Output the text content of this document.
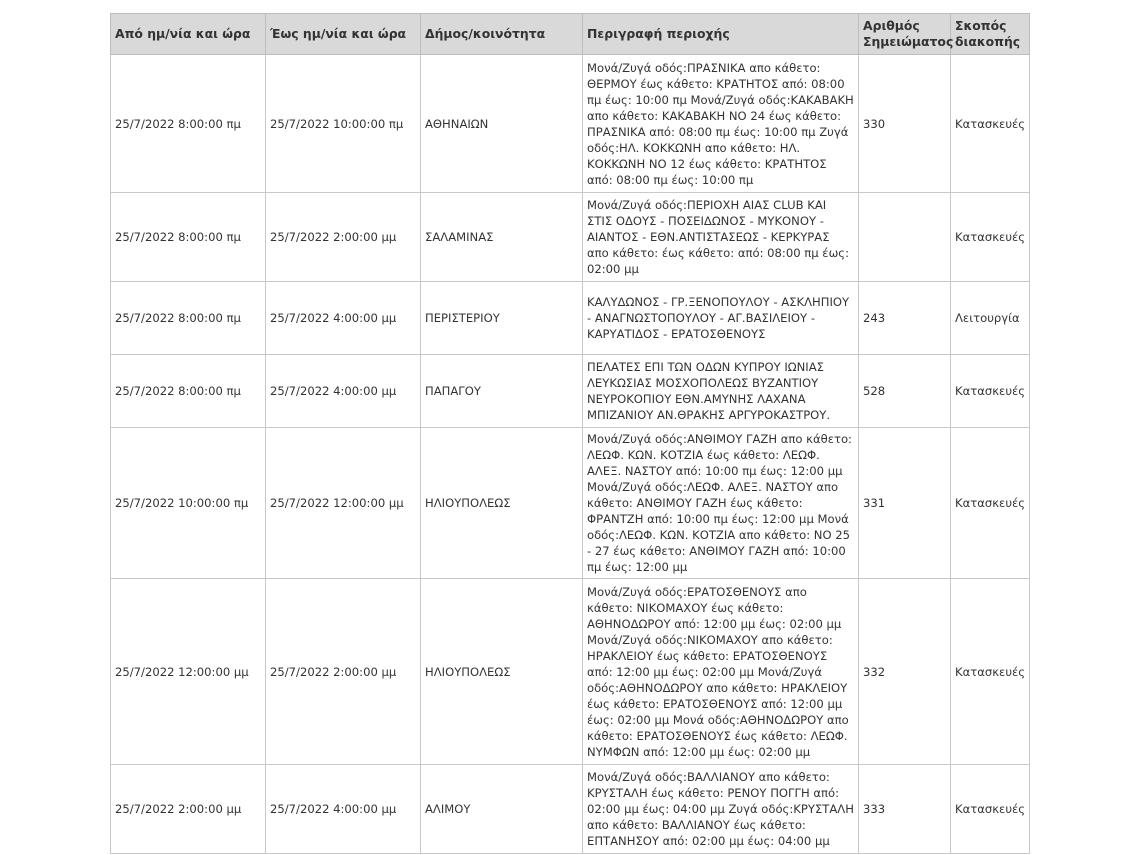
Από ημ/νία και ώρα	Έως ημ/νία και ώρα	Δήμος/κοινότητα	Περιγραφή περιοχής	Αριθμός Σημειώματος	Σκοπός διακοπής
25/7/2022 8:00:00 πμ	25/7/2022 10:00:00 πμ	ΑΘΗΝΑΙΩΝ	Μονά/Ζυγά οδός:ΠΡΑΣΝΙΚΑ απο κάθετο: ΘΕΡΜΟΥ έως κάθετο: ΚΡΑΤΗΤΟΣ από: 08:00 πμ έως: 10:00 πμ Μονά/Ζυγά οδός:ΚΑΚΑΒΑΚΗ απο κάθετο: ΚΑΚΑΒΑΚΗ ΝΟ 24 έως κάθετο: ΠΡΑΣΝΙΚΑ από: 08:00 πμ έως: 10:00 πμ Ζυγά οδός:ΗΛ. ΚΟΚΚΩΝΗ απο κάθετο: ΗΛ. ΚΟΚΚΩΝΗ ΝΟ 12 έως κάθετο: ΚΡΑΤΗΤΟΣ από: 08:00 πμ έως: 10:00 πμ	330	Κατασκευές
25/7/2022 8:00:00 πμ	25/7/2022 2:00:00 μμ	ΣΑΛΑΜΙΝΑΣ	Μονά/Ζυγά οδός:ΠΕΡΙΟΧΗ ΑΙΑΣ CLUB ΚΑΙ ΣΤΙΣ ΟΔΟΥΣ - ΠΟΣΕΙΔΩΝΟΣ - ΜΥΚΟΝΟΥ - ΑΙΑΝΤΟΣ - ΕΘΝ.ΑΝΤΙΣΤΑΣΕΩΣ - ΚΕΡΚΥΡΑΣ απο κάθετο: έως κάθετο: από: 08:00 πμ έως: 02:00 μμ		Κατασκευές
25/7/2022 8:00:00 πμ	25/7/2022 4:00:00 μμ	ΠΕΡΙΣΤΕΡΙΟΥ	ΚΑΛΥΔΩΝΟΣ - ΓΡ.ΞΕΝΟΠΟΥΛΟΥ - ΑΣΚΛΗΠΙΟΥ - ΑΝΑΓΝΩΣΤΟΠΟΥΛΟΥ - ΑΓ.ΒΑΣΙΛΕΙΟΥ - ΚΑΡΥΑΤΙΔΟΣ - ΕΡΑΤΟΣΘΕΝΟΥΣ	243	Λειτουργία
25/7/2022 8:00:00 πμ	25/7/2022 4:00:00 μμ	ΠΑΠΑΓΟΥ	ΠΕΛΑΤΕΣ ΕΠΙ ΤΩΝ ΟΔΩΝ ΚΥΠΡΟΥ ΙΩΝΙΑΣ ΛΕΥΚΩΣΙΑΣ ΜΟΣΧΟΠΟΛΕΩΣ ΒΥΖΑΝΤΙΟΥ ΝΕΥΡΟΚΟΠΙΟΥ ΕΘΝ.ΑΜΥΝΗΣ ΛΑΧΑΝΑ ΜΠΙΖΑΝΙΟΥ ΑΝ.ΘΡΑΚΗΣ ΑΡΓΥΡΟΚΑΣΤΡΟΥ.	528	Κατασκευές
25/7/2022 10:00:00 πμ	25/7/2022 12:00:00 μμ	ΗΛΙΟΥΠΟΛΕΩΣ	Μονά/Ζυγά οδός:ΑΝΘΙΜΟΥ ΓΑΖΗ απο κάθετο: ΛΕΩΦ. ΚΩΝ. ΚΟΤΖΙΑ έως κάθετο: ΛΕΩΦ. ΑΛΕΞ. ΝΑΣΤΟΥ από: 10:00 πμ έως: 12:00 μμ Μονά/Ζυγά οδός:ΛΕΩΦ. ΑΛΕΞ. ΝΑΣΤΟΥ απο κάθετο: ΑΝΘΙΜΟΥ ΓΑΖΗ έως κάθετο: ΦΡΑΝΤΖΗ από: 10:00 πμ έως: 12:00 μμ Μονά οδός:ΛΕΩΦ. ΚΩΝ. ΚΟΤΖΙΑ απο κάθετο: ΝΟ 25 - 27 έως κάθετο: ΑΝΘΙΜΟΥ ΓΑΖΗ από: 10:00 πμ έως: 12:00 μμ	331	Κατασκευές
25/7/2022 12:00:00 μμ	25/7/2022 2:00:00 μμ	ΗΛΙΟΥΠΟΛΕΩΣ	Μονά/Ζυγά οδός:ΕΡΑΤΟΣΘΕΝΟΥΣ απο κάθετο: ΝΙΚΟΜΑΧΟΥ έως κάθετο: ΑΘΗΝΟΔΩΡΟΥ από: 12:00 μμ έως: 02:00 μμ Μονά/Ζυγά οδός:ΝΙΚΟΜΑΧΟΥ απο κάθετο: ΗΡΑΚΛΕΙΟΥ έως κάθετο: ΕΡΑΤΟΣΘΕΝΟΥΣ από: 12:00 μμ έως: 02:00 μμ Μονά/Ζυγά οδός:ΑΘΗΝΟΔΩΡΟΥ απο κάθετο: ΗΡΑΚΛΕΙΟΥ έως κάθετο: ΕΡΑΤΟΣΘΕΝΟΥΣ από: 12:00 μμ έως: 02:00 μμ Μονά οδός:ΑΘΗΝΟΔΩΡΟΥ απο κάθετο: ΕΡΑΤΟΣΘΕΝΟΥΣ έως κάθετο: ΛΕΩΦ. ΝΥΜΦΩΝ από: 12:00 μμ έως: 02:00 μμ	332	Κατασκευές
25/7/2022 2:00:00 μμ	25/7/2022 4:00:00 μμ	ΑΛΙΜΟΥ	Μονά/Ζυγά οδός:ΒΑΛΛΙΑΝΟΥ απο κάθετο: ΚΡΥΣΤΑΛΗ έως κάθετο: ΡΕΝΟΥ ΠΟΓΓΗ από: 02:00 μμ έως: 04:00 μμ Ζυγά οδός:ΚΡΥΣΤΑΛΗ απο κάθετο: ΒΑΛΛΙΑΝΟΥ έως κάθετο: ΕΠΤΑΝΗΣΟΥ από: 02:00 μμ έως: 04:00 μμ	333	Κατασκευές
